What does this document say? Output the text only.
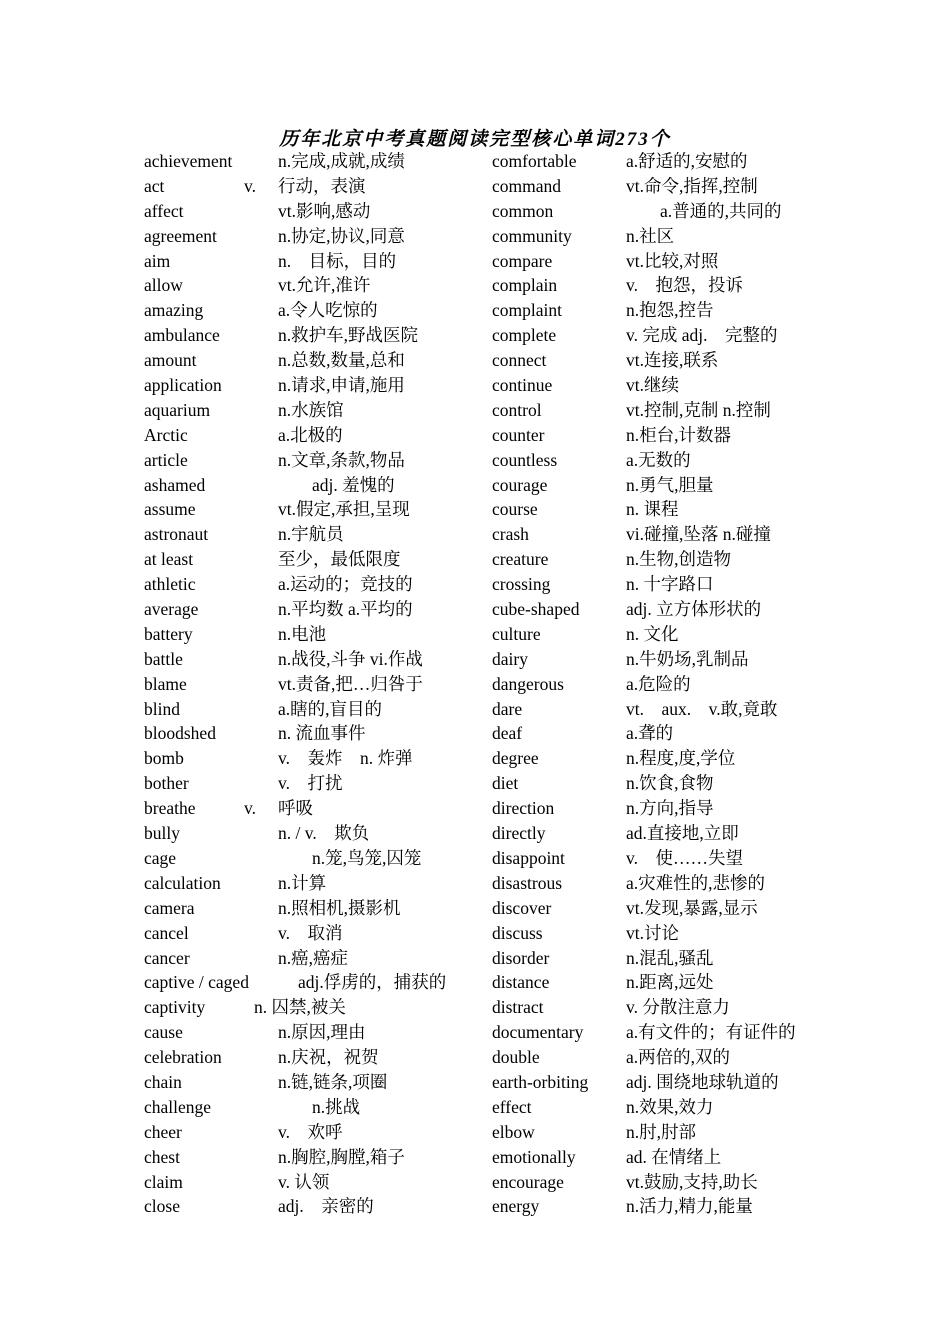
历年北京中考真题阅读完型核心单词273个
achievement	n.完成,成就,成绩
act	v. 行动，表演
affect	vt.影响,感动
agreement	n.协定,协议,同意
aim	n.　目标，目的
allow	vt.允许,准许
amazing	a.令人吃惊的
ambulance	n.救护车,野战医院
amount	n.总数,数量,总和
application	n.请求,申请,施用
aquarium	n.水族馆
Arctic	a.北极的
article	n.文章,条款,物品
ashamed	adj. 羞愧的
assume	vt.假定,承担,呈现
astronaut	n.宇航员
at least	至少，最低限度
athletic	a.运动的；竞技的
average	n.平均数 a.平均的
battery	n.电池
battle	n.战役,斗争 vi.作战
blame	vt.责备,把…归咎于
blind	a.瞎的,盲目的
bloodshed	n. 流血事件
bomb	v.　轰炸　n. 炸弹
bother	v.　打扰
breathe	v. 呼吸
bully	n. / v.　欺负
cage	n.笼,鸟笼,囚笼
calculation	n.计算
camera	n.照相机,摄影机
cancel	v.　取消
cancer	n.癌,癌症
captive / caged	adj.俘虏的，捕获的
captivity	n. 囚禁,被关
cause	n.原因,理由
celebration	n.庆祝，祝贺
chain	n.链,链条,项圈
challenge	n.挑战
cheer	v.　欢呼
chest	n.胸腔,胸膛,箱子
claim	v. 认领
close	adj.　亲密的
comfortable	a.舒适的,安慰的
command	vt.命令,指挥,控制
common	a.普通的,共同的
community	n.社区
compare	vt.比较,对照
complain	v.　抱怨，投诉
complaint	n.抱怨,控告
complete	v. 完成 adj.　完整的
connect	vt.连接,联系
continue	vt.继续
control	vt.控制,克制 n.控制
counter	n.柜台,计数器
countless	a.无数的
courage	n.勇气,胆量
course	n. 课程
crash	vi.碰撞,坠落 n.碰撞
creature	n.生物,创造物
crossing	n. 十字路口
cube-shaped	adj. 立方体形状的
culture	n. 文化
dairy	n.牛奶场,乳制品
dangerous	a.危险的
dare	vt.　aux.　v.敢,竟敢
deaf	a.聋的
degree	n.程度,度,学位
diet	n.饮食,食物
direction	n.方向,指导
directly	ad.直接地,立即
disappoint	v.　使……失望
disastrous	a.灾难性的,悲惨的
discover	vt.发现,暴露,显示
discuss	vt.讨论
disorder	n.混乱,骚乱
distance	n.距离,远处
distract	v. 分散注意力
documentary a.有文件的；有证件的
double	a.两倍的,双的
earth-orbiting adj. 围绕地球轨道的
effect	n.效果,效力
elbow	n.肘,肘部
emotionally	ad. 在情绪上
encourage	vt.鼓励,支持,助长
energy	n.活力,精力,能量
